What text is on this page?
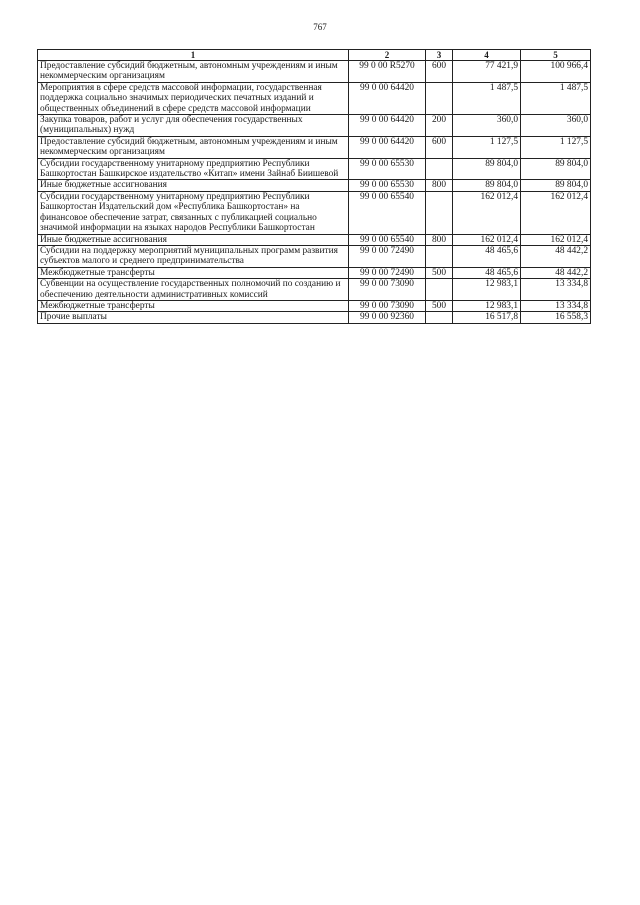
767
1	2	3	4	5
Предоставление субсидий бюджетным, автономным учреждениям и иным некоммерческим организациям	99 0 00 R5270	600	77 421,9	100 966,4
Мероприятия в сфере средств массовой информации, государственная поддержка социально значимых периодических печатных изданий и общественных объединений в сфере средств массовой информации	99 0 00 64420		1 487,5	1 487,5
Закупка товаров, работ и услуг для обеспечения государственных (муниципальных) нужд	99 0 00 64420	200	360,0	360,0
Предоставление субсидий бюджетным, автономным учреждениям и иным некоммерческим организациям	99 0 00 64420	600	1 127,5	1 127,5
Субсидии государственному унитарному предприятию Республики Башкортостан Башкирское издательство «Китап» имени Зайнаб Биишевой	99 0 00 65530		89 804,0	89 804,0
Иные бюджетные ассигнования	99 0 00 65530	800	89 804,0	89 804,0
Субсидии государственному унитарному предприятию Республики Башкортостан Издательский дом «Республика Башкортостан» на финансовое обеспечение затрат, связанных с публикацией социально значимой информации на языках народов Республики Башкортостан	99 0 00 65540		162 012,4	162 012,4
Иные бюджетные ассигнования	99 0 00 65540	800	162 012,4	162 012,4
Субсидии на поддержку мероприятий муниципальных программ развития субъектов малого и среднего предпринимательства	99 0 00 72490		48 465,6	48 442,2
Межбюджетные трансферты	99 0 00 72490	500	48 465,6	48 442,2
Субвенции на осуществление государственных полномочий по созданию и обеспечению деятельности административных комиссий	99 0 00 73090		12 983,1	13 334,8
Межбюджетные трансферты	99 0 00 73090	500	12 983,1	13 334,8
Прочие выплаты	99 0 00 92360		16 517,8	16 558,3
